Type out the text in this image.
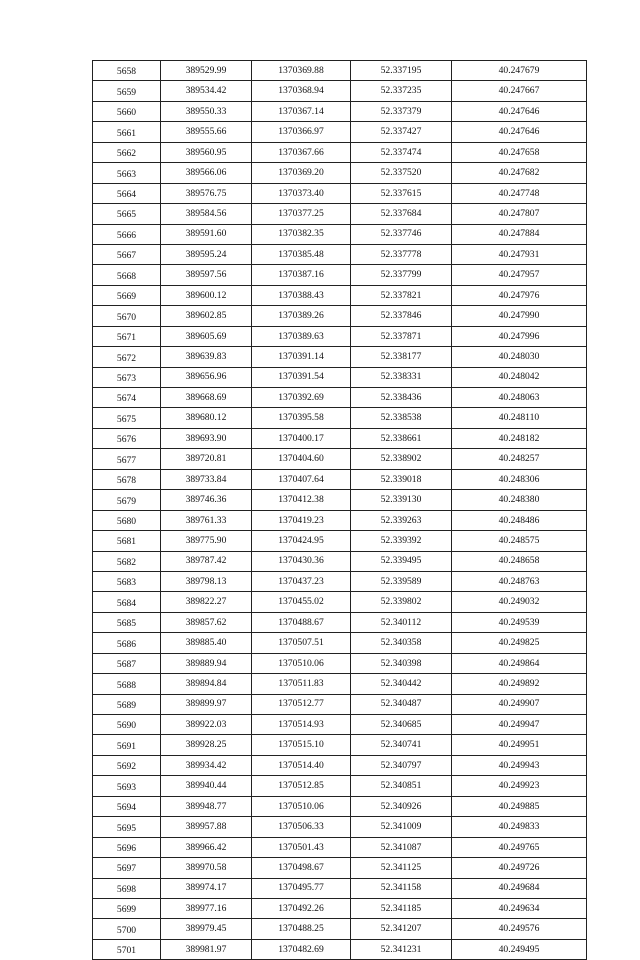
5658	389529.99	1370369.88	52.337195	40.247679
5659	389534.42	1370368.94	52.337235	40.247667
5660	389550.33	1370367.14	52.337379	40.247646
5661	389555.66	1370366.97	52.337427	40.247646
5662	389560.95	1370367.66	52.337474	40.247658
5663	389566.06	1370369.20	52.337520	40.247682
5664	389576.75	1370373.40	52.337615	40.247748
5665	389584.56	1370377.25	52.337684	40.247807
5666	389591.60	1370382.35	52.337746	40.247884
5667	389595.24	1370385.48	52.337778	40.247931
5668	389597.56	1370387.16	52.337799	40.247957
5669	389600.12	1370388.43	52.337821	40.247976
5670	389602.85	1370389.26	52.337846	40.247990
5671	389605.69	1370389.63	52.337871	40.247996
5672	389639.83	1370391.14	52.338177	40.248030
5673	389656.96	1370391.54	52.338331	40.248042
5674	389668.69	1370392.69	52.338436	40.248063
5675	389680.12	1370395.58	52.338538	40.248110
5676	389693.90	1370400.17	52.338661	40.248182
5677	389720.81	1370404.60	52.338902	40.248257
5678	389733.84	1370407.64	52.339018	40.248306
5679	389746.36	1370412.38	52.339130	40.248380
5680	389761.33	1370419.23	52.339263	40.248486
5681	389775.90	1370424.95	52.339392	40.248575
5682	389787.42	1370430.36	52.339495	40.248658
5683	389798.13	1370437.23	52.339589	40.248763
5684	389822.27	1370455.02	52.339802	40.249032
5685	389857.62	1370488.67	52.340112	40.249539
5686	389885.40	1370507.51	52.340358	40.249825
5687	389889.94	1370510.06	52.340398	40.249864
5688	389894.84	1370511.83	52.340442	40.249892
5689	389899.97	1370512.77	52.340487	40.249907
5690	389922.03	1370514.93	52.340685	40.249947
5691	389928.25	1370515.10	52.340741	40.249951
5692	389934.42	1370514.40	52.340797	40.249943
5693	389940.44	1370512.85	52.340851	40.249923
5694	389948.77	1370510.06	52.340926	40.249885
5695	389957.88	1370506.33	52.341009	40.249833
5696	389966.42	1370501.43	52.341087	40.249765
5697	389970.58	1370498.67	52.341125	40.249726
5698	389974.17	1370495.77	52.341158	40.249684
5699	389977.16	1370492.26	52.341185	40.249634
5700	389979.45	1370488.25	52.341207	40.249576
5701	389981.97	1370482.69	52.341231	40.249495
